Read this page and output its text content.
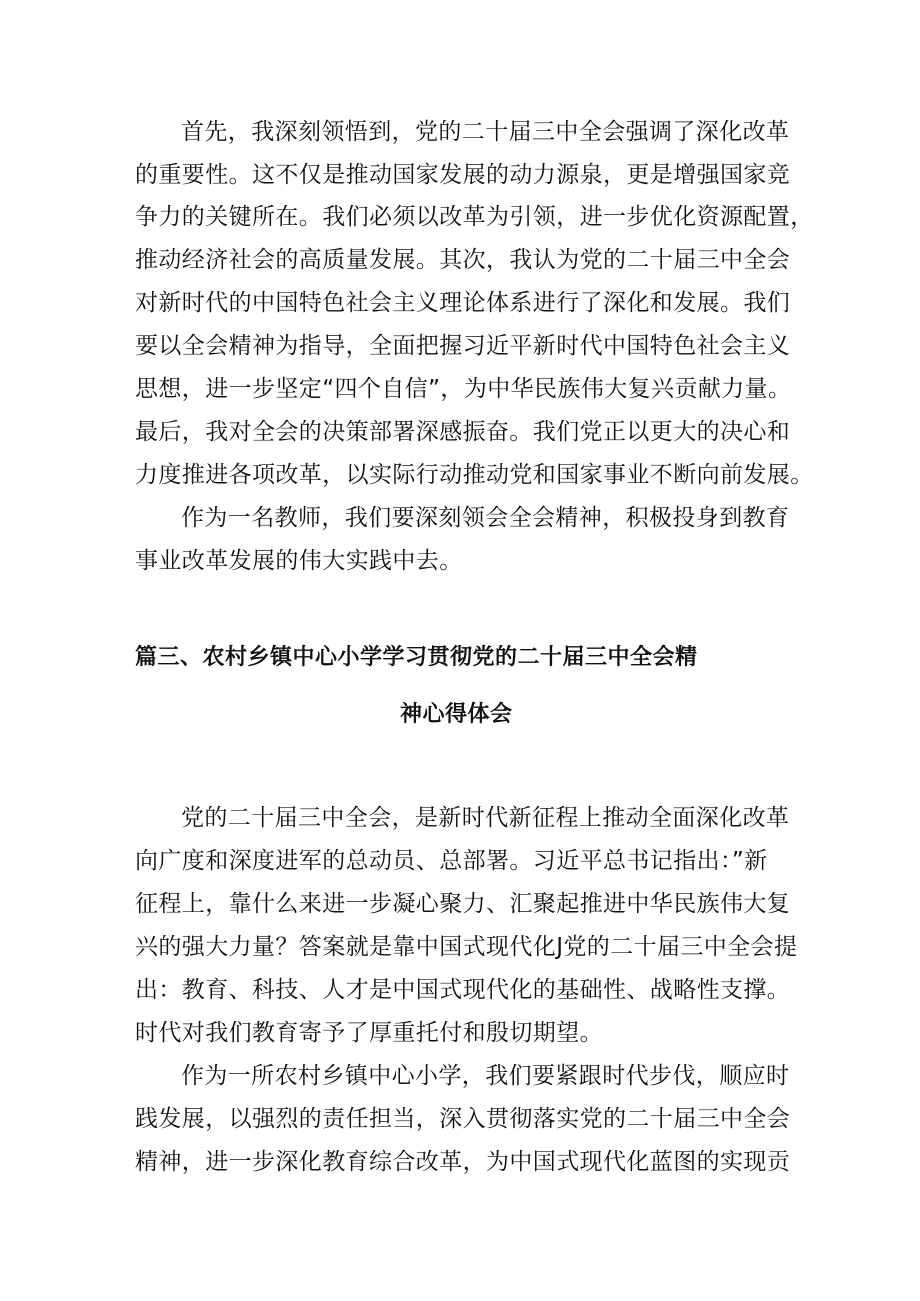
首先，我深刻领悟到，党的二十届三中全会强调了深化改革
的重要性。这不仅是推动国家发展的动力源泉，更是增强国家竞
争力的关键所在。我们必须以改革为引领，进一步优化资源配置，
推动经济社会的高质量发展。其次，我认为党的二十届三中全会
对新时代的中国特色社会主义理论体系进行了深化和发展。我们
要以全会精神为指导，全面把握习近平新时代中国特色社会主义
思想，进一步坚定“四个自信”，为中华民族伟大复兴贡献力量。
最后，我对全会的决策部署深感振奋。我们党正以更大的决心和
力度推进各项改革，以实际行动推动党和国家事业不断向前发展。
作为一名教师，我们要深刻领会全会精神，积极投身到教育
事业改革发展的伟大实践中去。
篇三、农村乡镇中心小学学习贯彻党的二十届三中全会精
神心得体会
党的二十届三中全会，是新时代新征程上推动全面深化改革
向广度和深度进军的总动员、总部署。习近平总书记指出：”新
征程上，靠什么来进一步凝心聚力、汇聚起推进中华民族伟大复
兴的强大力量？答案就是靠中国式现代化J党的二十届三中全会提
出：教育、科技、人才是中国式现代化的基础性、战略性支撑。
时代对我们教育寄予了厚重托付和殷切期望。
作为一所农村乡镇中心小学，我们要紧跟时代步伐，顺应时
践发展，以强烈的责任担当，深入贯彻落实党的二十届三中全会
精神，进一步深化教育综合改革，为中国式现代化蓝图的实现贡
